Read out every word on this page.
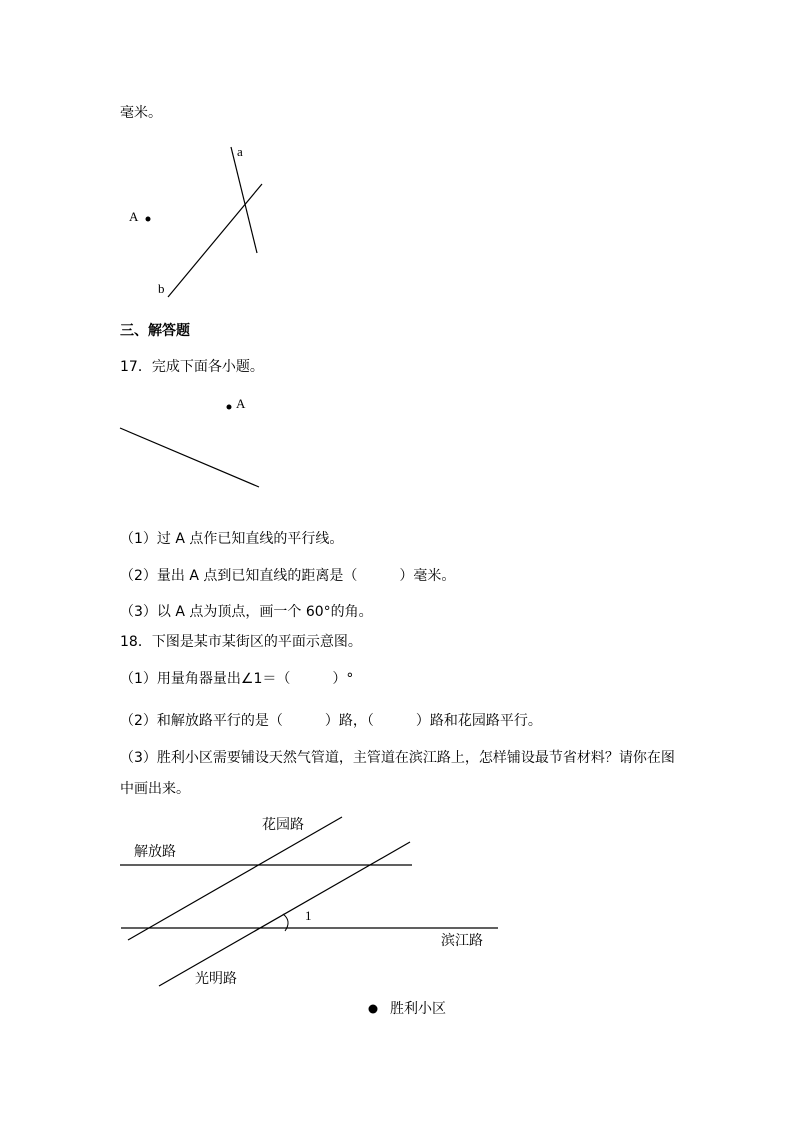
毫米。
a
A
b
三、解答题
17．完成下面各小题。
A
（1）过 A 点作已知直线的平行线。
（2）量出 A 点到已知直线的距离是（　　　）毫米。
（3）以 A 点为顶点，画一个 60°的角。
18．下图是某市某街区的平面示意图。
（1）用量角器量出∠1＝（　　　）°
（2）和解放路平行的是（　　　）路，（　　　）路和花园路平行。
（3）胜利小区需要铺设天然气管道，主管道在滨江路上，怎样铺设最节省材料？请你在图
中画出来。
花园路
解放路
1
滨江路
光明路
胜利小区
